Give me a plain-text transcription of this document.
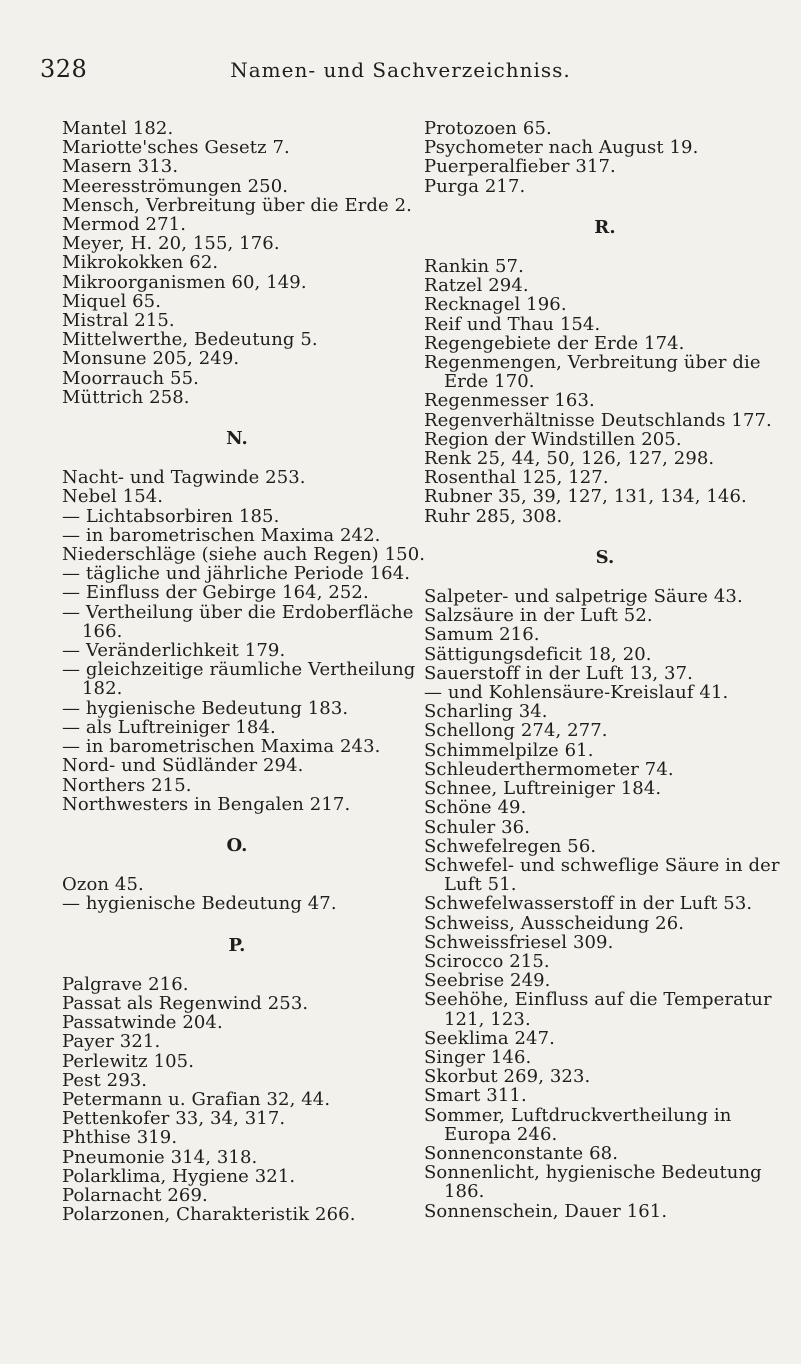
328	Namen- und Sachverzeichniss.
Mantel 182.
Mariotte'sches Gesetz 7.
Masern 313.
Meeresströmungen 250.
Mensch, Verbreitung über die Erde 2.
Mermod 271.
Meyer, H. 20, 155, 176.
Mikrokokken 62.
Mikroorganismen 60, 149.
Miquel 65.
Mistral 215.
Mittelwerthe, Bedeutung 5.
Monsune 205, 249.
Moorrauch 55.
Müttrich 258.
N.
Nacht- und Tagwinde 253.
Nebel 154.
— Lichtabsorbiren 185.
— in barometrischen Maxima 242.
Niederschläge (siehe auch Regen) 150.
— tägliche und jährliche Periode 164.
— Einfluss der Gebirge 164, 252.
— Vertheilung über die Erdoberfläche
166.
— Veränderlichkeit 179.
— gleichzeitige räumliche Vertheilung
182.
— hygienische Bedeutung 183.
— als Luftreiniger 184.
— in barometrischen Maxima 243.
Nord- und Südländer 294.
Northers 215.
Northwesters in Bengalen 217.
O.
Ozon 45.
— hygienische Bedeutung 47.
P.
Palgrave 216.
Passat als Regenwind 253.
Passatwinde 204.
Payer 321.
Perlewitz 105.
Pest 293.
Petermann u. Grafian 32, 44.
Pettenkofer 33, 34, 317.
Phthise 319.
Pneumonie 314, 318.
Polarklima, Hygiene 321.
Polarnacht 269.
Polarzonen, Charakteristik 266.
Protozoen 65.
Psychometer nach August 19.
Puerperalfieber 317.
Purga 217.
R.
Rankin 57.
Ratzel 294.
Recknagel 196.
Reif und Thau 154.
Regengebiete der Erde 174.
Regenmengen, Verbreitung über die
Erde 170.
Regenmesser 163.
Regenverhältnisse Deutschlands 177.
Region der Windstillen 205.
Renk 25, 44, 50, 126, 127, 298.
Rosenthal 125, 127.
Rubner 35, 39, 127, 131, 134, 146.
Ruhr 285, 308.
S.
Salpeter- und salpetrige Säure 43.
Salzsäure in der Luft 52.
Samum 216.
Sättigungsdeficit 18, 20.
Sauerstoff in der Luft 13, 37.
— und Kohlensäure-Kreislauf 41.
Scharling 34.
Schellong 274, 277.
Schimmelpilze 61.
Schleuderthermometer 74.
Schnee, Luftreiniger 184.
Schöne 49.
Schuler 36.
Schwefelregen 56.
Schwefel- und schweflige Säure in der
Luft 51.
Schwefelwasserstoff in der Luft 53.
Schweiss, Ausscheidung 26.
Schweissfriesel 309.
Scirocco 215.
Seebrise 249.
Seehöhe, Einfluss auf die Temperatur
121, 123.
Seeklima 247.
Singer 146.
Skorbut 269, 323.
Smart 311.
Sommer, Luftdruckvertheilung in
Europa 246.
Sonnenconstante 68.
Sonnenlicht, hygienische Bedeutung
186.
Sonnenschein, Dauer 161.
